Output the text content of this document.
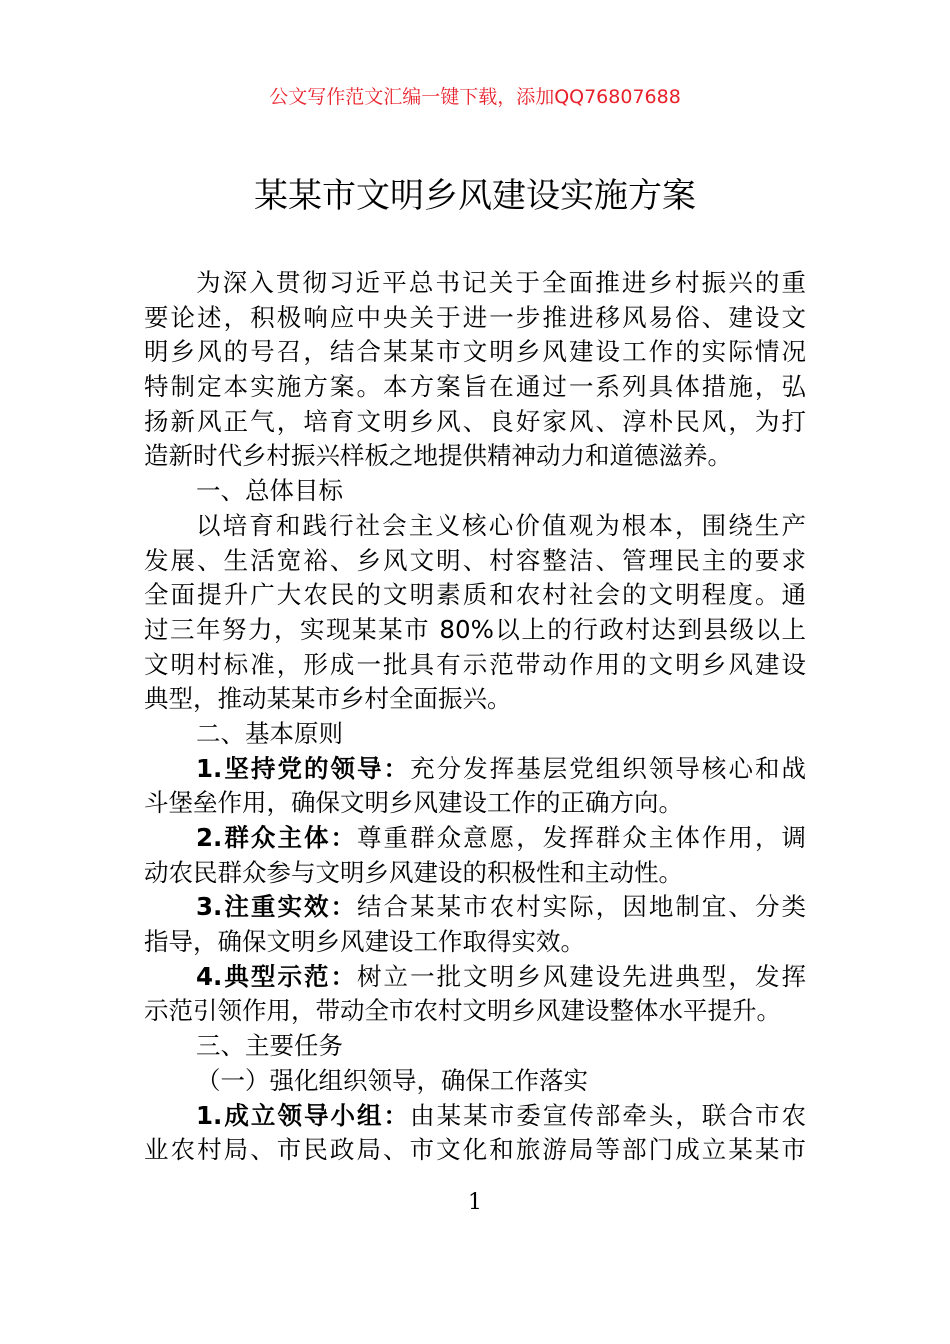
公文写作范文汇编一键下载，添加QQ76807688
某某市文明乡风建设实施方案
为深入贯彻习近平总书记关于全面推进乡村振兴的重
要论述，积极响应中央关于进一步推进移风易俗、建设文
明乡风的号召，结合某某市文明乡风建设工作的实际情况
特制定本实施方案。本方案旨在通过一系列具体措施，弘
扬新风正气，培育文明乡风、良好家风、淳朴民风，为打
造新时代乡村振兴样板之地提供精神动力和道德滋养。
一、总体目标
以培育和践行社会主义核心价值观为根本，围绕生产
发展、生活宽裕、乡风文明、村容整洁、管理民主的要求
全面提升广大农民的文明素质和农村社会的文明程度。通
过三年努力，实现某某市 80%以上的行政村达到县级以上
文明村标准，形成一批具有示范带动作用的文明乡风建设
典型，推动某某市乡村全面振兴。
二、基本原则
1.坚持党的领导：充分发挥基层党组织领导核心和战
斗堡垒作用，确保文明乡风建设工作的正确方向。
2.群众主体：尊重群众意愿，发挥群众主体作用，调
动农民群众参与文明乡风建设的积极性和主动性。
3.注重实效：结合某某市农村实际，因地制宜、分类
指导，确保文明乡风建设工作取得实效。
4.典型示范：树立一批文明乡风建设先进典型，发挥
示范引领作用，带动全市农村文明乡风建设整体水平提升。
三、主要任务
（一）强化组织领导，确保工作落实
1.成立领导小组：由某某市委宣传部牵头，联合市农
业农村局、市民政局、市文化和旅游局等部门成立某某市
1
